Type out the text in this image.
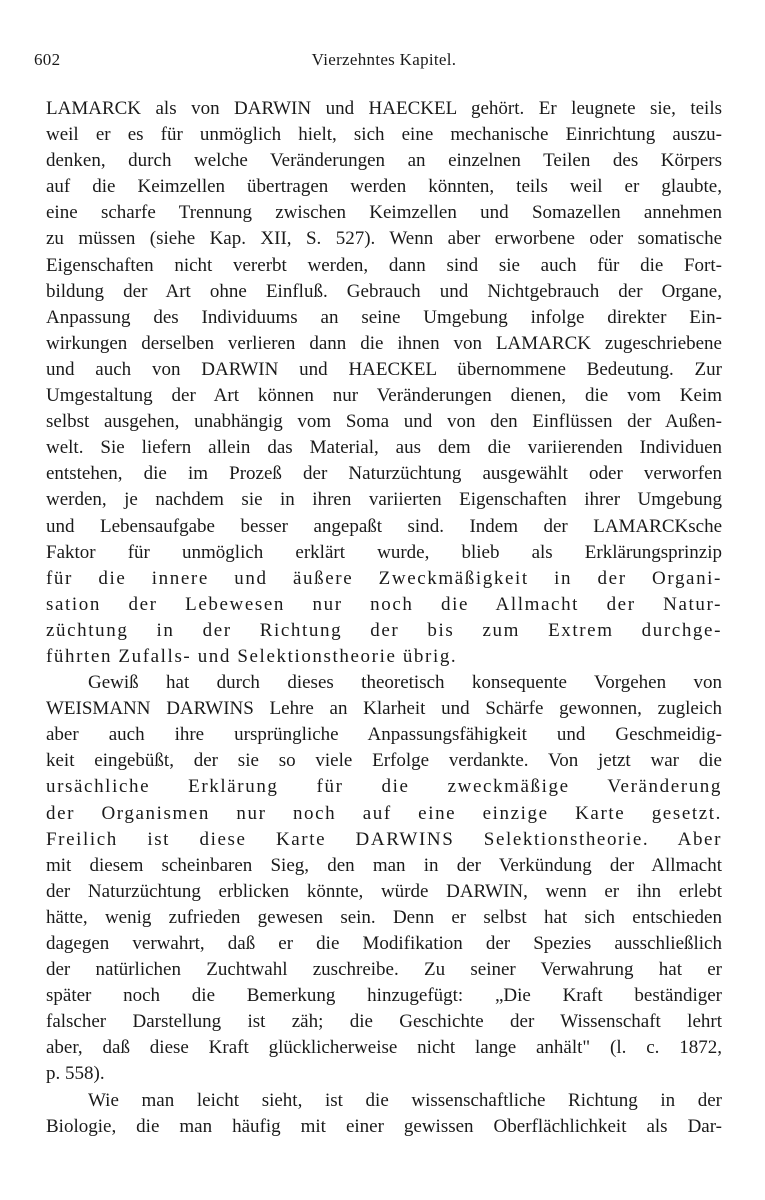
602	Vierzehntes Kapitel.
LAMARCK als von DARWIN und HAECKEL gehört. Er leugnete sie, teils
weil er es für unmöglich hielt, sich eine mechanische Einrichtung auszu-
denken, durch welche Veränderungen an einzelnen Teilen des Körpers
auf die Keimzellen übertragen werden könnten, teils weil er glaubte,
eine scharfe Trennung zwischen Keimzellen und Somazellen annehmen
zu müssen (siehe Kap. XII, S. 527). Wenn aber erworbene oder somatische
Eigenschaften nicht vererbt werden, dann sind sie auch für die Fort-
bildung der Art ohne Einfluß. Gebrauch und Nichtgebrauch der Organe,
Anpassung des Individuums an seine Umgebung infolge direkter Ein-
wirkungen derselben verlieren dann die ihnen von LAMARCK zugeschriebene
und auch von DARWIN und HAECKEL übernommene Bedeutung. Zur
Umgestaltung der Art können nur Veränderungen dienen, die vom Keim
selbst ausgehen, unabhängig vom Soma und von den Einflüssen der Außen-
welt. Sie liefern allein das Material, aus dem die variierenden Individuen
entstehen, die im Prozeß der Naturzüchtung ausgewählt oder verworfen
werden, je nachdem sie in ihren variierten Eigenschaften ihrer Umgebung
und Lebensaufgabe besser angepaßt sind. Indem der LAMARCKsche
Faktor für unmöglich erklärt wurde, blieb als Erklärungsprinzip
für die innere und äußere Zweckmäßigkeit in der Organi-
sation der Lebewesen nur noch die Allmacht der Natur-
züchtung in der Richtung der bis zum Extrem durchge-
führten Zufalls- und Selektionstheorie übrig.
Gewiß hat durch dieses theoretisch konsequente Vorgehen von
WEISMANN DARWINS Lehre an Klarheit und Schärfe gewonnen, zugleich
aber auch ihre ursprüngliche Anpassungsfähigkeit und Geschmeidig-
keit eingebüßt, der sie so viele Erfolge verdankte. Von jetzt war die
ursächliche Erklärung für die zweckmäßige Veränderung
der Organismen nur noch auf eine einzige Karte gesetzt.
Freilich ist diese Karte DARWINS Selektionstheorie. Aber
mit diesem scheinbaren Sieg, den man in der Verkündung der Allmacht
der Naturzüchtung erblicken könnte, würde DARWIN, wenn er ihn erlebt
hätte, wenig zufrieden gewesen sein. Denn er selbst hat sich entschieden
dagegen verwahrt, daß er die Modifikation der Spezies ausschließlich
der natürlichen Zuchtwahl zuschreibe. Zu seiner Verwahrung hat er
später noch die Bemerkung hinzugefügt: „Die Kraft beständiger
falscher Darstellung ist zäh; die Geschichte der Wissenschaft lehrt
aber, daß diese Kraft glücklicherweise nicht lange anhält" (l. c. 1872,
p. 558).
Wie man leicht sieht, ist die wissenschaftliche Richtung in der
Biologie, die man häufig mit einer gewissen Oberflächlichkeit als Dar-
